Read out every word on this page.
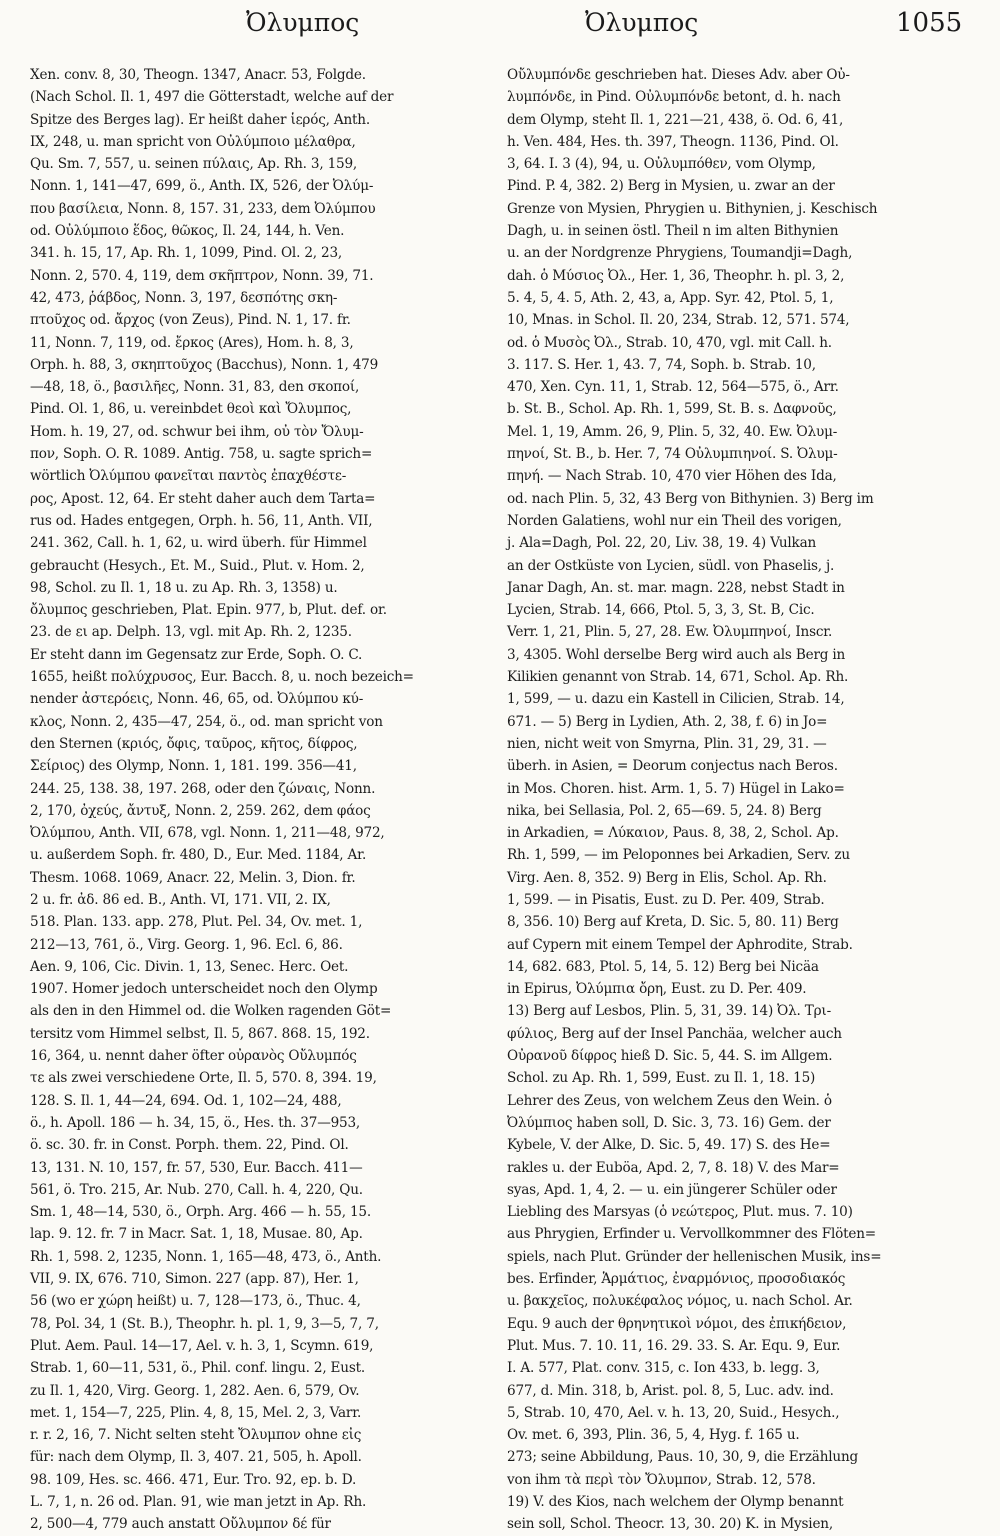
Ὀλυμπος	Ὀλυμπος	1055
Xen. conv. 8, 30, Theogn. 1347, Anacr. 53, Folgde.
(Nach Schol. Il. 1, 497 die Götterstadt, welche auf der
Spitze des Berges lag). Er heißt daher ἱερός, Anth.
IX, 248, u. man spricht von Οὐλύμποιο μέλαθρα,
Qu. Sm. 7, 557, u. seinen πύλαις, Ap. Rh. 3, 159,
Nonn. 1, 141—47, 699, ö., Anth. IX, 526, der Ὀλύμ-
που βασίλεια, Nonn. 8, 157. 31, 233, dem Ὀλύμπου
od. Οὐλύμποιο ἕδος, θῶκος, Il. 24, 144, h. Ven.
341. h. 15, 17, Ap. Rh. 1, 1099, Pind. Ol. 2, 23,
Nonn. 2, 570. 4, 119, dem σκῆπτρον, Nonn. 39, 71.
42, 473, ῥάβδος, Nonn. 3, 197, δεσπότης σκη-
πτοῦχος od. ἄρχος (von Zeus), Pind. N. 1, 17. fr.
11, Nonn. 7, 119, od. ἔρκος (Ares), Hom. h. 8, 3,
Orph. h. 88, 3, σκηπτοῦχος (Bacchus), Nonn. 1, 479
—48, 18, ö., βασιλῆες, Nonn. 31, 83, den σκοποί,
Pind. Ol. 1, 86, u. vereinbdet θεοὶ καὶ Ὄλυμπος,
Hom. h. 19, 27, od. schwur bei ihm, οὐ τὸν Ὄλυμ-
πον, Soph. O. R. 1089. Antig. 758, u. sagte sprich=
wörtlich Ὀλύμπου φανεῖται παντὸς ἐπαχθέστε-
ρος, Apost. 12, 64. Er steht daher auch dem Tarta=
rus od. Hades entgegen, Orph. h. 56, 11, Anth. VII,
241. 362, Call. h. 1, 62, u. wird überh. für Himmel
gebraucht (Hesych., Et. M., Suid., Plut. v. Hom. 2,
98, Schol. zu Il. 1, 18 u. zu Ap. Rh. 3, 1358) u.
ὄλυμπος geschrieben, Plat. Epin. 977, b, Plut. def. or.
23. de ει ap. Delph. 13, vgl. mit Ap. Rh. 2, 1235.
Er steht dann im Gegensatz zur Erde, Soph. O. C.
1655, heißt πολύχρυσος, Eur. Bacch. 8, u. noch bezeich=
nender ἀστερόεις, Nonn. 46, 65, od. Ὀλύμπου κύ-
κλος, Nonn. 2, 435—47, 254, ö., od. man spricht von
den Sternen (κριός, ὄφις, ταῦρος, κῆτος, δίφρος,
Σείριος) des Olymp, Nonn. 1, 181. 199. 356—41,
244. 25, 138. 38, 197. 268, oder den ζώναις, Nonn.
2, 170, ὀχεύς, ἄντυξ, Nonn. 2, 259. 262, dem φάος
Ὀλύμπου, Anth. VII, 678, vgl. Nonn. 1, 211—48, 972,
u. außerdem Soph. fr. 480, D., Eur. Med. 1184, Ar.
Thesm. 1068. 1069, Anacr. 22, Melin. 3, Dion. fr.
2 u. fr. ἀδ. 86 ed. B., Anth. VI, 171. VII, 2. IX,
518. Plan. 133. app. 278, Plut. Pel. 34, Ov. met. 1,
212—13, 761, ö., Virg. Georg. 1, 96. Ecl. 6, 86.
Aen. 9, 106, Cic. Divin. 1, 13, Senec. Herc. Oet.
1907. Homer jedoch unterscheidet noch den Olymp
als den in den Himmel od. die Wolken ragenden Göt=
tersitz vom Himmel selbst, Il. 5, 867. 868. 15, 192.
16, 364, u. nennt daher öfter οὐρανὸς Οὔλυμπός
τε als zwei verschiedene Orte, Il. 5, 570. 8, 394. 19,
128. S. Il. 1, 44—24, 694. Od. 1, 102—24, 488,
ö., h. Apoll. 186 — h. 34, 15, ö., Hes. th. 37—953,
ö. sc. 30. fr. in Const. Porph. them. 22, Pind. Ol.
13, 131. N. 10, 157, fr. 57, 530, Eur. Bacch. 411—
561, ö. Tro. 215, Ar. Nub. 270, Call. h. 4, 220, Qu.
Sm. 1, 48—14, 530, ö., Orph. Arg. 466 — h. 55, 15.
lap. 9. 12. fr. 7 in Macr. Sat. 1, 18, Musae. 80, Ap.
Rh. 1, 598. 2, 1235, Nonn. 1, 165—48, 473, ö., Anth.
VII, 9. IX, 676. 710, Simon. 227 (app. 87), Her. 1,
56 (wo er χώρη heißt) u. 7, 128—173, ö., Thuc. 4,
78, Pol. 34, 1 (St. B.), Theophr. h. pl. 1, 9, 3—5, 7, 7,
Plut. Aem. Paul. 14—17, Ael. v. h. 3, 1, Scymn. 619,
Strab. 1, 60—11, 531, ö., Phil. conf. lingu. 2, Eust.
zu Il. 1, 420, Virg. Georg. 1, 282. Aen. 6, 579, Ov.
met. 1, 154—7, 225, Plin. 4, 8, 15, Mel. 2, 3, Varr.
r. r. 2, 16, 7. Nicht selten steht Ὄλυμπον ohne εἰς
für: nach dem Olymp, Il. 3, 407. 21, 505, h. Apoll.
98. 109, Hes. sc. 466. 471, Eur. Tro. 92, ep. b. D.
L. 7, 1, n. 26 od. Plan. 91, wie man jetzt in Ap. Rh.
2, 500—4, 779 auch anstatt Οὔλυμπον δέ für
Οὔλυμπόνδε geschrieben hat. Dieses Adv. aber Οὐ-
λυμπόνδε, in Pind. Οὐλυμπόνδε betont, d. h. nach
dem Olymp, steht Il. 1, 221—21, 438, ö. Od. 6, 41,
h. Ven. 484, Hes. th. 397, Theogn. 1136, Pind. Ol.
3, 64. I. 3 (4), 94, u. Οὐλυμπόθεν, vom Olymp,
Pind. P. 4, 382. 2) Berg in Mysien, u. zwar an der
Grenze von Mysien, Phrygien u. Bithynien, j. Keschisch
Dagh, u. in seinen östl. Theil n im alten Bithynien
u. an der Nordgrenze Phrygiens, Toumandji=Dagh,
dah. ὁ Μύσιος Ὀλ., Her. 1, 36, Theophr. h. pl. 3, 2,
5. 4, 5, 4. 5, Ath. 2, 43, a, App. Syr. 42, Ptol. 5, 1,
10, Mnas. in Schol. Il. 20, 234, Strab. 12, 571. 574,
od. ὁ Μυσὸς Ὀλ., Strab. 10, 470, vgl. mit Call. h.
3. 117. S. Her. 1, 43. 7, 74, Soph. b. Strab. 10,
470, Xen. Cyn. 11, 1, Strab. 12, 564—575, ö., Arr.
b. St. B., Schol. Ap. Rh. 1, 599, St. B. s. Δαφνοῦς,
Mel. 1, 19, Amm. 26, 9, Plin. 5, 32, 40. Ew. Ὀλυμ-
πηνοί, St. B., b. Her. 7, 74 Οὐλυμπιηνοί. S. Ὀλυμ-
πηνή. — Nach Strab. 10, 470 vier Höhen des Ida,
od. nach Plin. 5, 32, 43 Berg von Bithynien. 3) Berg im
Norden Galatiens, wohl nur ein Theil des vorigen,
j. Ala=Dagh, Pol. 22, 20, Liv. 38, 19. 4) Vulkan
an der Ostküste von Lycien, südl. von Phaselis, j.
Janar Dagh, An. st. mar. magn. 228, nebst Stadt in
Lycien, Strab. 14, 666, Ptol. 5, 3, 3, St. B, Cic.
Verr. 1, 21, Plin. 5, 27, 28. Ew. Ὀλυμπηνοί, Inscr.
3, 4305. Wohl derselbe Berg wird auch als Berg in
Kilikien genannt von Strab. 14, 671, Schol. Ap. Rh.
1, 599, — u. dazu ein Kastell in Cilicien, Strab. 14,
671. — 5) Berg in Lydien, Ath. 2, 38, f. 6) in Jo=
nien, nicht weit von Smyrna, Plin. 31, 29, 31. —
überh. in Asien, = Deorum conjectus nach Beros.
in Mos. Choren. hist. Arm. 1, 5. 7) Hügel in Lako=
nika, bei Sellasia, Pol. 2, 65—69. 5, 24. 8) Berg
in Arkadien, = Λύκαιον, Paus. 8, 38, 2, Schol. Ap.
Rh. 1, 599, — im Peloponnes bei Arkadien, Serv. zu
Virg. Aen. 8, 352. 9) Berg in Elis, Schol. Ap. Rh.
1, 599. — in Pisatis, Eust. zu D. Per. 409, Strab.
8, 356. 10) Berg auf Kreta, D. Sic. 5, 80. 11) Berg
auf Cypern mit einem Tempel der Aphrodite, Strab.
14, 682. 683, Ptol. 5, 14, 5. 12) Berg bei Nicäa
in Epirus, Ὀλύμπια ὄρη, Eust. zu D. Per. 409.
13) Berg auf Lesbos, Plin. 5, 31, 39. 14) Ὀλ. Τρι-
φύλιος, Berg auf der Insel Panchäa, welcher auch
Οὐρανοῦ δίφρος hieß D. Sic. 5, 44. S. im Allgem.
Schol. zu Ap. Rh. 1, 599, Eust. zu Il. 1, 18. 15)
Lehrer des Zeus, von welchem Zeus den Wein. ὁ
Ὀλύμπιος haben soll, D. Sic. 3, 73. 16) Gem. der
Kybele, V. der Alke, D. Sic. 5, 49. 17) S. des He=
rakles u. der Euböa, Apd. 2, 7, 8. 18) V. des Mar=
syas, Apd. 1, 4, 2. — u. ein jüngerer Schüler oder
Liebling des Marsyas (ὁ νεώτερος, Plut. mus. 7. 10)
aus Phrygien, Erfinder u. Vervollkommner des Flöten=
spiels, nach Plut. Gründer der hellenischen Musik, ins=
bes. Erfinder, Ἁρμάτιος, ἐναρμόνιος, προσοδιακός
u. βακχεῖος, πολυκέφαλος νόμος, u. nach Schol. Ar.
Equ. 9 auch der θρηνητικοὶ νόμοι, des ἐπικήδειον,
Plut. Mus. 7. 10. 11, 16. 29. 33. S. Ar. Equ. 9, Eur.
I. A. 577, Plat. conv. 315, c. Ion 433, b. legg. 3,
677, d. Min. 318, b, Arist. pol. 8, 5, Luc. adv. ind.
5, Strab. 10, 470, Ael. v. h. 13, 20, Suid., Hesych.,
Ov. met. 6, 393, Plin. 36, 5, 4, Hyg. f. 165 u.
273; seine Abbildung, Paus. 10, 30, 9, die Erzählung
von ihm τὰ περὶ τὸν Ὄλυμπον, Strab. 12, 578.
19) V. des Kios, nach welchem der Olymp benannt
sein soll, Schol. Theocr. 13, 30. 20) K. in Mysien,
